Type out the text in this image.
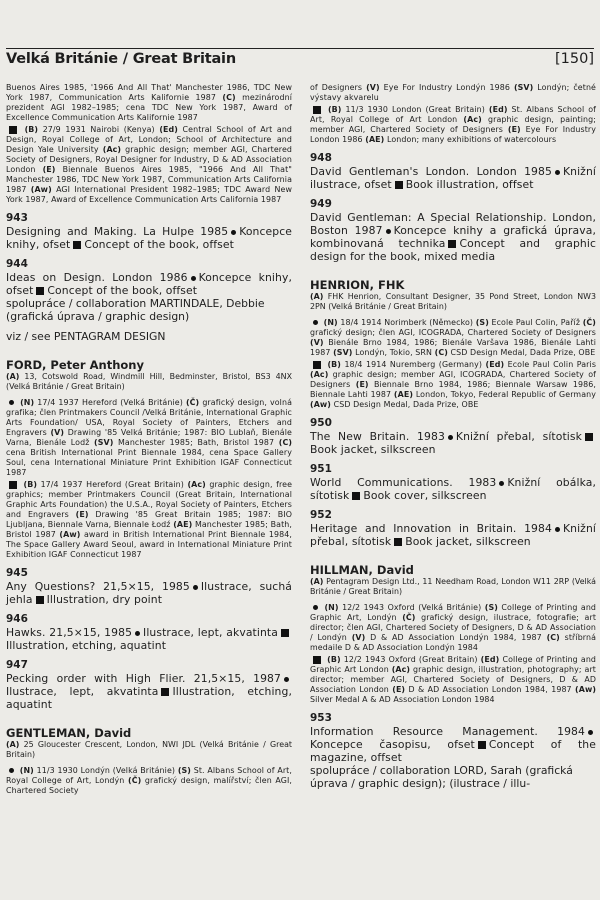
Velká Británie / Great Britain	[150]
Buenos Aires 1985, '1966 And All That' Manchester 1986, TDC New York 1987, Communication Arts Kalifornie 1987 (C) mezinárodní prezident AGI 1982–1985; cena TDC New York 1987, Award of Excellence Communication Arts Kalifornie 1987
(B) 27/9 1931 Nairobi (Kenya) (Ed) Central School of Art and Design, Royal College of Art, London; School of Architecture and Design Yale University (Ac) graphic design; member AGI, Chartered Society of Designers, Royal Designer for Industry, D & AD Association London (E) Biennale Buenos Aires 1985, "1966 And All That" Manchester 1986, TDC New York 1987, Communication Arts California 1987 (Aw) AGI International President 1982–1985; TDC Award New York 1987, Award of Excellence Communication Arts California 1987
943
Designing and Making. La Hulpe 1985 Koncepce knihy, ofset Concept of the book, offset
944
Ideas on Design. London 1986 Koncepce knihy, ofset Concept of the book, offset
spolupráce / collaboration MARTINDALE, Debbie (grafická úprava / graphic design)
viz / see PENTAGRAM DESIGN
FORD, Peter Anthony
(A) 13, Cotswold Road, Windmill Hill, Bedminster, Bristol, BS3 4NX (Velká Británie / Great Britain)
(N) 17/4 1937 Hereford (Velká Británie) (Č) grafický design, volná grafika; člen Printmakers Council /Velká Británie, International Graphic Arts Foundation/ USA, Royal Society of Painters, Etchers and Engravers (V) Drawing '85 Velká Británie; 1987: BIO Lublaň, Bienále Varna, Bienále Lodž (SV) Manchester 1985; Bath, Bristol 1987 (C) cena British International Print Biennale 1984, cena Space Gallery Soul, cena International Miniature Print Exhibition IGAF Connecticut 1987
(B) 17/4 1937 Hereford (Great Britain) (Ac) graphic design, free graphics; member Printmakers Council (Great Britain, International Graphic Arts Foundation) the U.S.A., Royal Society of Painters, Etchers and Engravers (E) Drawing '85 Great Britain 1985; 1987: BIO Ljubljana, Biennale Varna, Biennale Łodź (AE) Manchester 1985; Bath, Bristol 1987 (Aw) award in British International Print Biennale 1984, The Space Gallery Award Seoul, award in International Miniature Print Exhibition IGAF Connecticut 1987
945
Any Questions? 21,5×15, 1985 Ilustrace, suchá jehla Illustration, dry point
946
Hawks. 21,5×15, 1985 Ilustrace, lept, akvatintaIllustration, etching, aquatint
947
Pecking order with High Flier. 21,5×15, 1987Ilustrace, lept, akvatinta Illustration, etching, aquatint
GENTLEMAN, David
(A) 25 Gloucester Crescent, London, NWI JDL (Velká Británie / Great Britain)
(N) 11/3 1930 Londýn (Velká Británie) (S) St. Albans School of Art, Royal College of Art, Londýn (Č) grafický design, malířství; člen AGI, Chartered Society
of Designers (V) Eye For Industry Londýn 1986 (SV) Londýn; četné výstavy akvarelu
(B) 11/3 1930 London (Great Britain) (Ed) St. Albans School of Art, Royal College of Art London (Ac) graphic design, painting; member AGI, Chartered Society of Designers (E) Eye For Industry London 1986 (AE) London; many exhibitions of watercolours
948
David Gentleman's London. London 1985 Knižní ilustrace, ofset Book illustration, offset
949
David Gentleman: A Special Relationship. London, Boston 1987 Koncepce knihy a grafická úprava, kombinovaná technika Concept and graphic design for the book, mixed media
HENRION, FHK
(A) FHK Henrion, Consultant Designer, 35 Pond Street, London NW3 2PN (Velká Británie / Great Britain)
(N) 18/4 1914 Norimberk (Německo) (S) Ecole Paul Colin, Paříž (Č) grafický design; člen AGI, ICOGRADA, Chartered Society of Designers (V) Bienále Brno 1984, 1986; Bienále Varšava 1986, Bienále Lahti 1987 (SV) Londýn, Tokio, SRN (C) CSD Design Medal, Dada Prize, OBE
(B) 18/4 1914 Nuremberg (Germany) (Ed) Ecole Paul Colin Paris (Ac) graphic design; member AGI, ICOGRADA, Chartered Society of Designers (E) Biennale Brno 1984, 1986; Biennale Warsaw 1986, Biennale Lahti 1987 (AE) London, Tokyo, Federal Republic of Germany (Aw) CSD Design Medal, Dada Prize, OBE
950
The New Britain. 1983 Knižní přebal, sítotiskBook jacket, silkscreen
951
World Communications. 1983 Knižní obálka, sítotisk Book cover, silkscreen
952
Heritage and Innovation in Britain. 1984 Knižní přebal, sítotisk Book jacket, silkscreen
HILLMAN, David
(A) Pentagram Design Ltd., 11 Needham Road, London W11 2RP (Velká Británie / Great Britain)
(N) 12/2 1943 Oxford (Velká Británie) (S) College of Printing and Graphic Art, Londýn (Č) grafický design, ilustrace, fotografie; art director; člen AGI, Chartered Society of Designers, D & AD Association / Londýn (V) D & AD Association Londýn 1984, 1987 (C) stříbrná medaile D & AD Association Londýn 1984
(B) 12/2 1943 Oxford (Great Britain) (Ed) College of Printing and Graphic Art London (Ac) graphic design, illustration, photography; art director; member AGI, Chartered Society of Designers, D & AD Association London (E) D & AD Association London 1984, 1987 (Aw) Silver Medal A & AD Association London 1984
953
Information Resource Management. 1984Koncepce časopisu, ofset Concept of the magazine, offset
spolupráce / collaboration LORD, Sarah (grafická úprava / graphic design); (ilustrace / illu-
